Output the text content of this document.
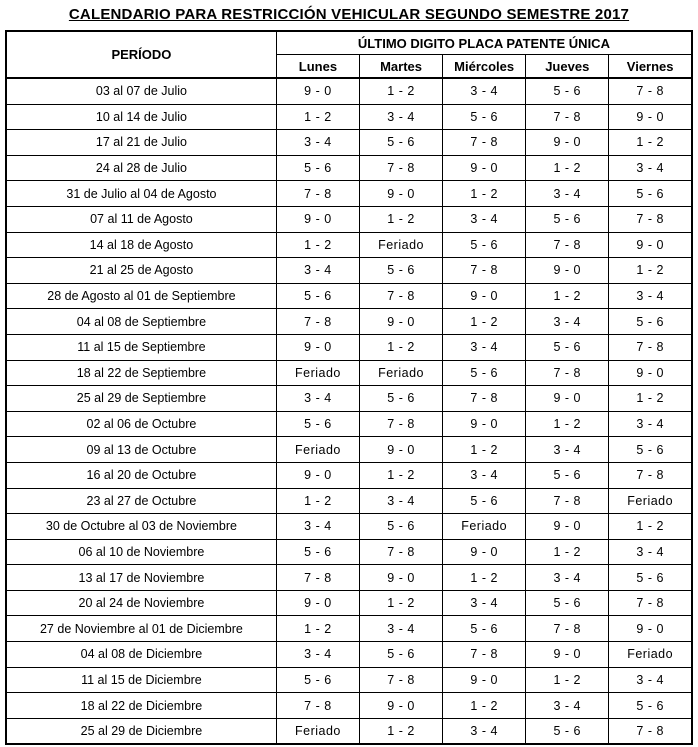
CALENDARIO PARA RESTRICCIÓN VEHICULAR SEGUNDO SEMESTRE 2017
PERÍODO	ÚLTIMO DIGITO PLACA PATENTE ÚNICA				
	Lunes	Martes	Miércoles	Jueves	Viernes
03 al 07 de Julio	9 - 0	1 - 2	3 - 4	5 - 6	7 - 8
10 al 14 de Julio	1 - 2	3 - 4	5 - 6	7 - 8	9 - 0
17 al 21 de Julio	3 - 4	5 - 6	7 - 8	9 - 0	1 - 2
24 al 28 de Julio	5 - 6	7 - 8	9 - 0	1 - 2	3 - 4
31 de Julio al 04 de Agosto	7 - 8	9 - 0	1 - 2	3 - 4	5 - 6
07 al 11 de Agosto	9 - 0	1 - 2	3 - 4	5 - 6	7 - 8
14 al 18 de Agosto	1 - 2	Feriado	5 - 6	7 - 8	9 - 0
21 al 25 de Agosto	3 - 4	5 - 6	7 - 8	9 - 0	1 - 2
28 de Agosto al 01 de Septiembre	5 - 6	7 - 8	9 - 0	1 - 2	3 - 4
04 al 08 de Septiembre	7 - 8	9 - 0	1 - 2	3 - 4	5 - 6
11 al 15 de Septiembre	9 - 0	1 - 2	3 - 4	5 - 6	7 - 8
18 al 22 de Septiembre	Feriado	Feriado	5 - 6	7 - 8	9 - 0
25 al 29 de Septiembre	3 - 4	5 - 6	7 - 8	9 - 0	1 - 2
02 al 06 de Octubre	5 - 6	7 - 8	9 - 0	1 - 2	3 - 4
09 al 13 de Octubre	Feriado	9 - 0	1 - 2	3 - 4	5 - 6
16 al 20 de Octubre	9 - 0	1 - 2	3 - 4	5 - 6	7 - 8
23 al 27 de Octubre	1 - 2	3 - 4	5 - 6	7 - 8	Feriado
30 de Octubre al 03 de Noviembre	3 - 4	5 - 6	Feriado	9 - 0	1 - 2
06 al 10 de Noviembre	5 - 6	7 - 8	9 - 0	1 - 2	3 - 4
13 al 17 de Noviembre	7 - 8	9 - 0	1 - 2	3 - 4	5 - 6
20 al 24 de Noviembre	9 - 0	1 - 2	3 - 4	5 - 6	7 - 8
27 de Noviembre al 01 de Diciembre	1 - 2	3 - 4	5 - 6	7 - 8	9 - 0
04 al 08 de Diciembre	3 - 4	5 - 6	7 - 8	9 - 0	Feriado
11 al 15 de Diciembre	5 - 6	7 - 8	9 - 0	1 - 2	3 - 4
18 al 22 de Diciembre	7 - 8	9 - 0	1 - 2	3 - 4	5 - 6
25 al 29 de Diciembre	Feriado	1 - 2	3 - 4	5 - 6	7 - 8
